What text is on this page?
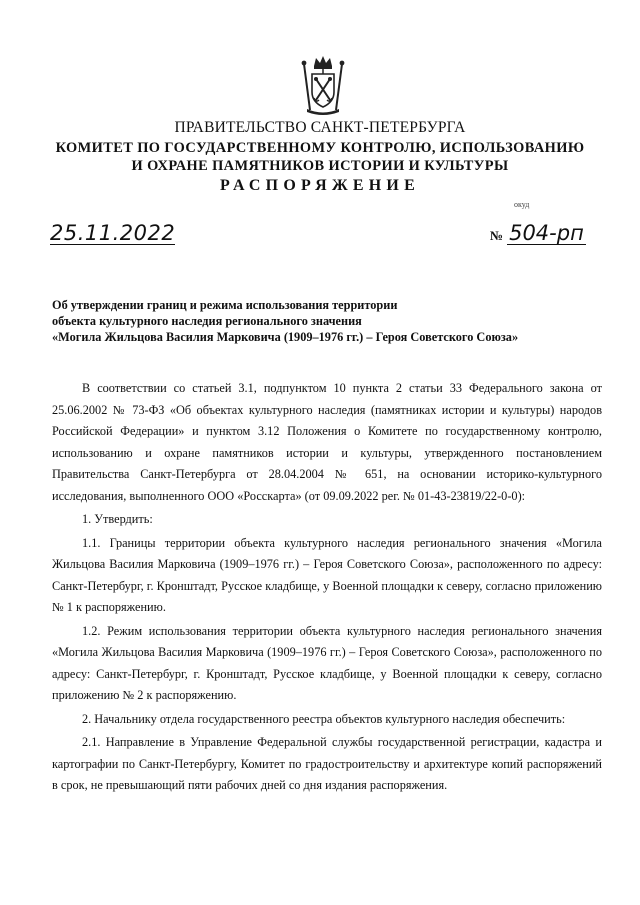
ПРАВИТЕЛЬСТВО САНКТ-ПЕТЕРБУРГА
КОМИТЕТ ПО ГОСУДАРСТВЕННОМУ КОНТРОЛЮ, ИСПОЛЬЗОВАНИЮ
И ОХРАНЕ ПАМЯТНИКОВ ИСТОРИИ И КУЛЬТУРЫ
РАСПОРЯЖЕНИЕ
окуд
25.11.2022	№ 504-рп
Об утверждении границ и режима использования территории
объекта культурного наследия регионального значения
«Могила Жильцова Василия Марковича (1909–1976 гг.) – Героя Советского Союза»

В соответствии со статьей 3.1, подпунктом 10 пункта 2 статьи 33 Федерального закона от 25.06.2002 № 73-ФЗ «Об объектах культурного наследия (памятниках истории и культуры) народов Российской Федерации» и пунктом 3.12 Положения о Комитете по государственному контролю, использованию и охране памятников истории и культуры, утвержденного постановлением Правительства Санкт-Петербурга от 28.04.2004 № 651, на основании историко-культурного исследования, выполненного ООО «Росскарта» (от 09.09.2022 рег. № 01-43-23819/22-0-0):

1. Утвердить:

1.1. Границы территории объекта культурного наследия регионального значения «Могила Жильцова Василия Марковича (1909–1976 гг.) – Героя Советского Союза», расположенного по адресу: Санкт-Петербург, г. Кронштадт, Русское кладбище, у Военной площадки к северу, согласно приложению № 1 к распоряжению.

1.2. Режим использования территории объекта культурного наследия регионального значения «Могила Жильцова Василия Марковича (1909–1976 гг.) – Героя Советского Союза», расположенного по адресу: Санкт-Петербург, г. Кронштадт, Русское кладбище, у Военной площадки к северу, согласно приложению № 2 к распоряжению.

2. Начальнику отдела государственного реестра объектов культурного наследия обеспечить:

2.1. Направление в Управление Федеральной службы государственной регистрации, кадастра и картографии по Санкт-Петербургу, Комитет по градостроительству и архитектуре копий распоряжений в срок, не превышающий пяти рабочих дней со дня издания распоряжения.
